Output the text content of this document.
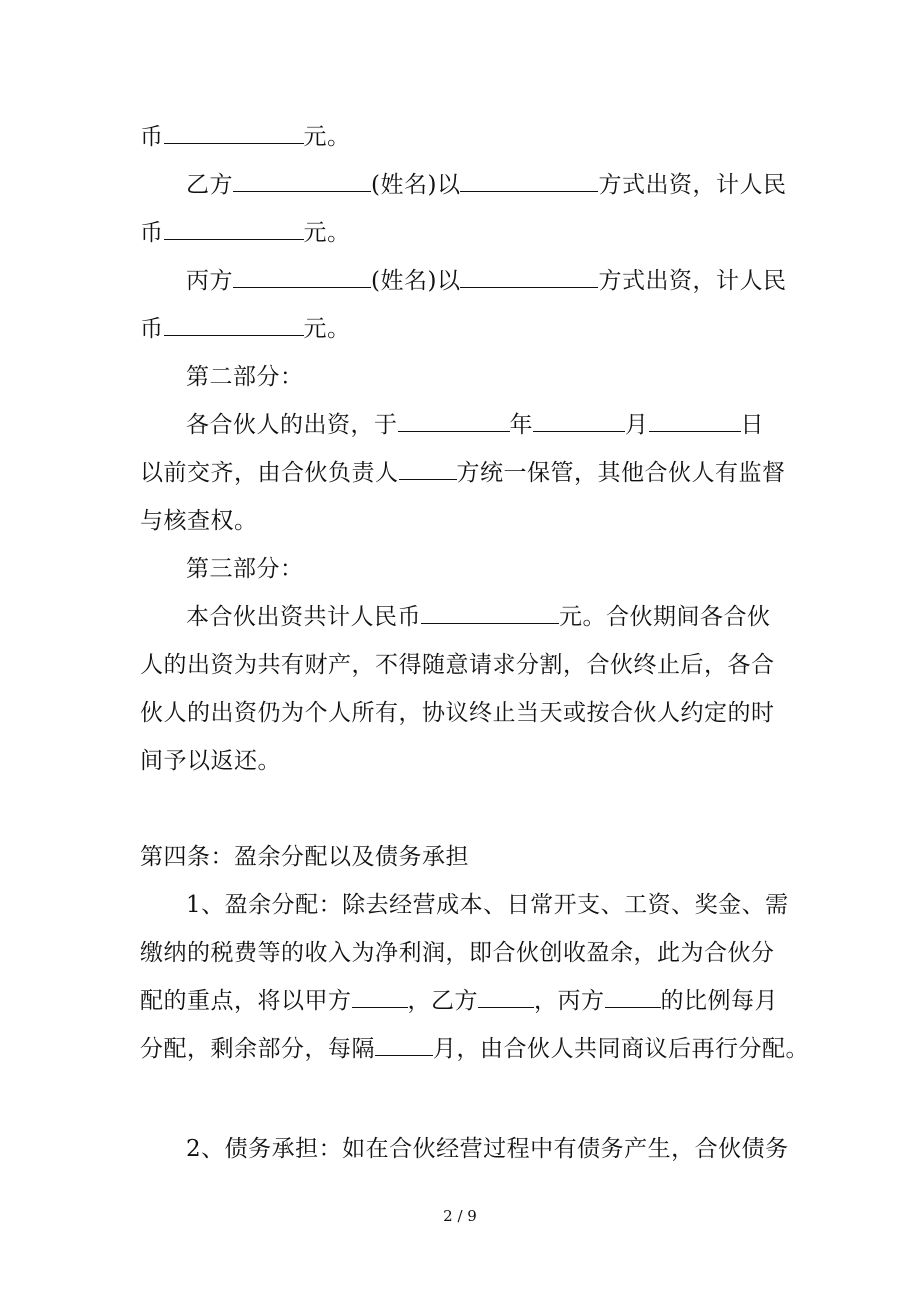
币	元。

乙方	(姓名)以	方式出资，计人民

币	元。

丙方	(姓名)以	方式出资，计人民

币	元。

第二部分：

各合伙人的出资，于	年	月	日

以前交齐，由合伙负责人	方统一保管，其他合伙人有监督

与核查权。

第三部分：

本合伙出资共计人民币	元。合伙期间各合伙

人的出资为共有财产，不得随意请求分割，合伙终止后，各合

伙人的出资仍为个人所有，协议终止当天或按合伙人约定的时

间予以返还。

第四条：盈余分配以及债务承担

1、盈余分配：除去经营成本、日常开支、工资、奖金、需

缴纳的税费等的收入为净利润，即合伙创收盈余，此为合伙分

配的重点，将以甲方 ，乙方 ，丙方 的比例每月

分配，剩余部分，每隔	月，由合伙人共同商议后再行分配。

2、债务承担：如在合伙经营过程中有债务产生，合伙债务

2 / 9
